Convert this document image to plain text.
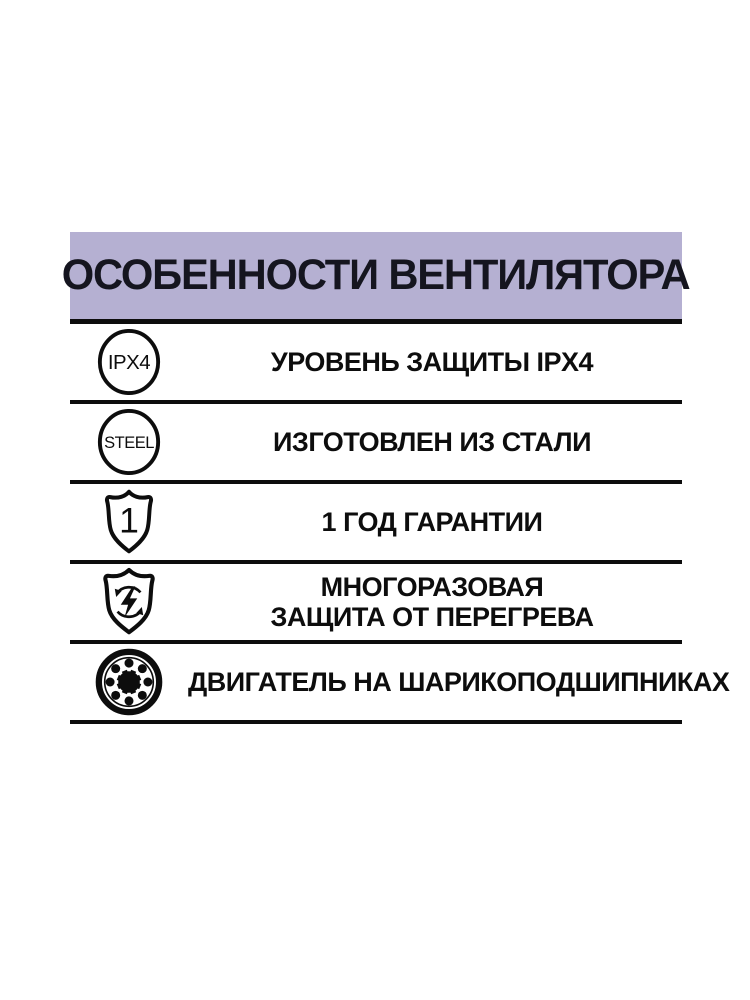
ОСОБЕННОСТИ ВЕНТИЛЯТОРА
IPX4	УРОВЕНЬ ЗАЩИТЫ IPX4
STEEL	ИЗГОТОВЛЕН ИЗ СТАЛИ
1	1 ГОД ГАРАНТИИ
МНОГОРАЗОВАЯ
ЗАЩИТА ОТ ПЕРЕГРЕВА
ДВИГАТЕЛЬ НА ШАРИКОПОДШИПНИКАХ
